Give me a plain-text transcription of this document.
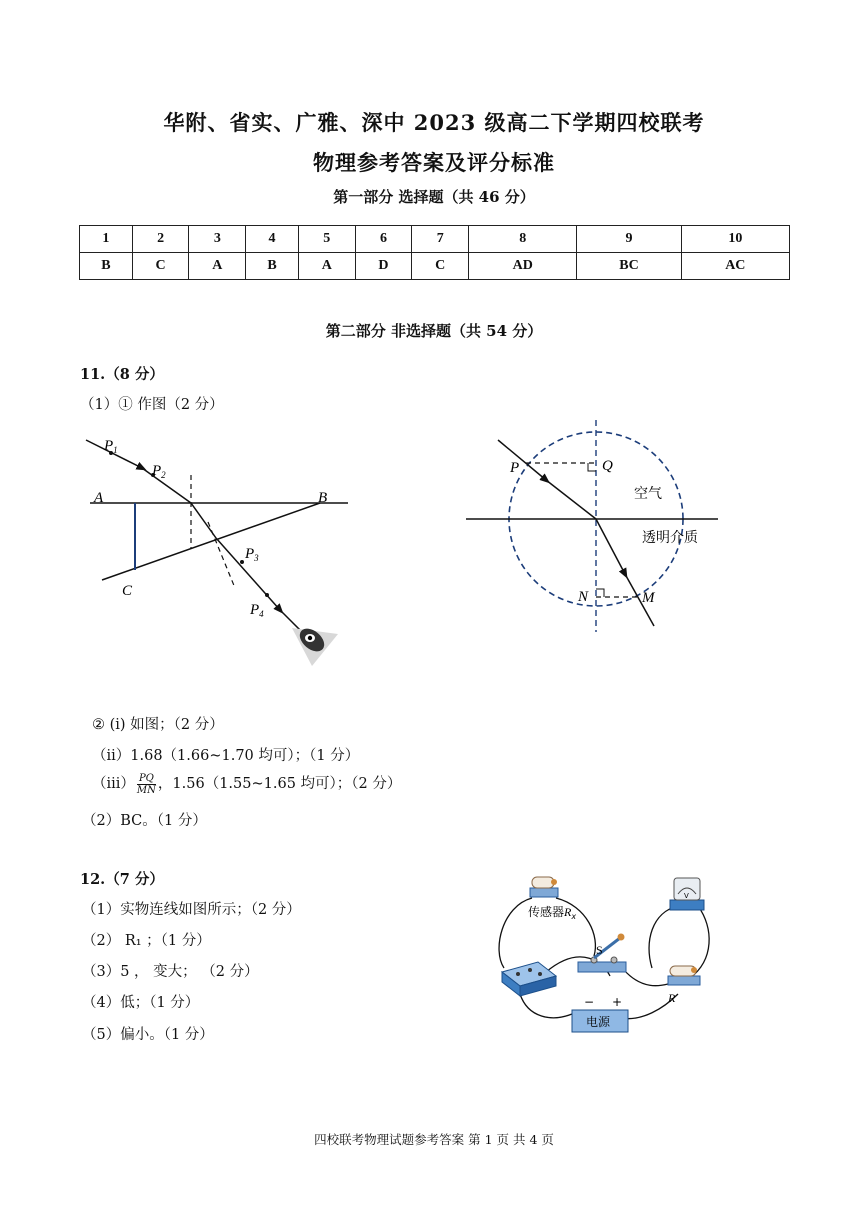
华附、省实、广雅、深中 2023 级高二下学期四校联考
物理参考答案及评分标准
第一部分 选择题（共 46 分）
1	2	3	4	5	6	7	8	9	10
B	C	A	B	A	D	C	AD	BC	AC
第二部分 非选择题（共 54 分）
11.（8 分）
（1）① 作图（2 分）
$P_1$
$P_2$
$P_3$
$P_4$
A	B
C
P	Q
N	M
空气
透明介质
② (i) 如图；（2 分）
（ii）1.68（1.66~1.70 均可）；（1 分）
$(iii) \frac{PQ}{MN}$ ，1.56（1.55~1.65 均可）；（2 分）
（2）BC。（1 分）
12.（7 分）
（1）实物连线如图所示；（2 分）
（2） R₁ ；（1 分）
（3）5 ， 变大； （2 分）
（4）低；（1 分）
（5）偏小。（1 分）
传感器$R_x$
V
S
R
电源
− +
四校联考物理试题参考答案 第 1 页 共 4 页
